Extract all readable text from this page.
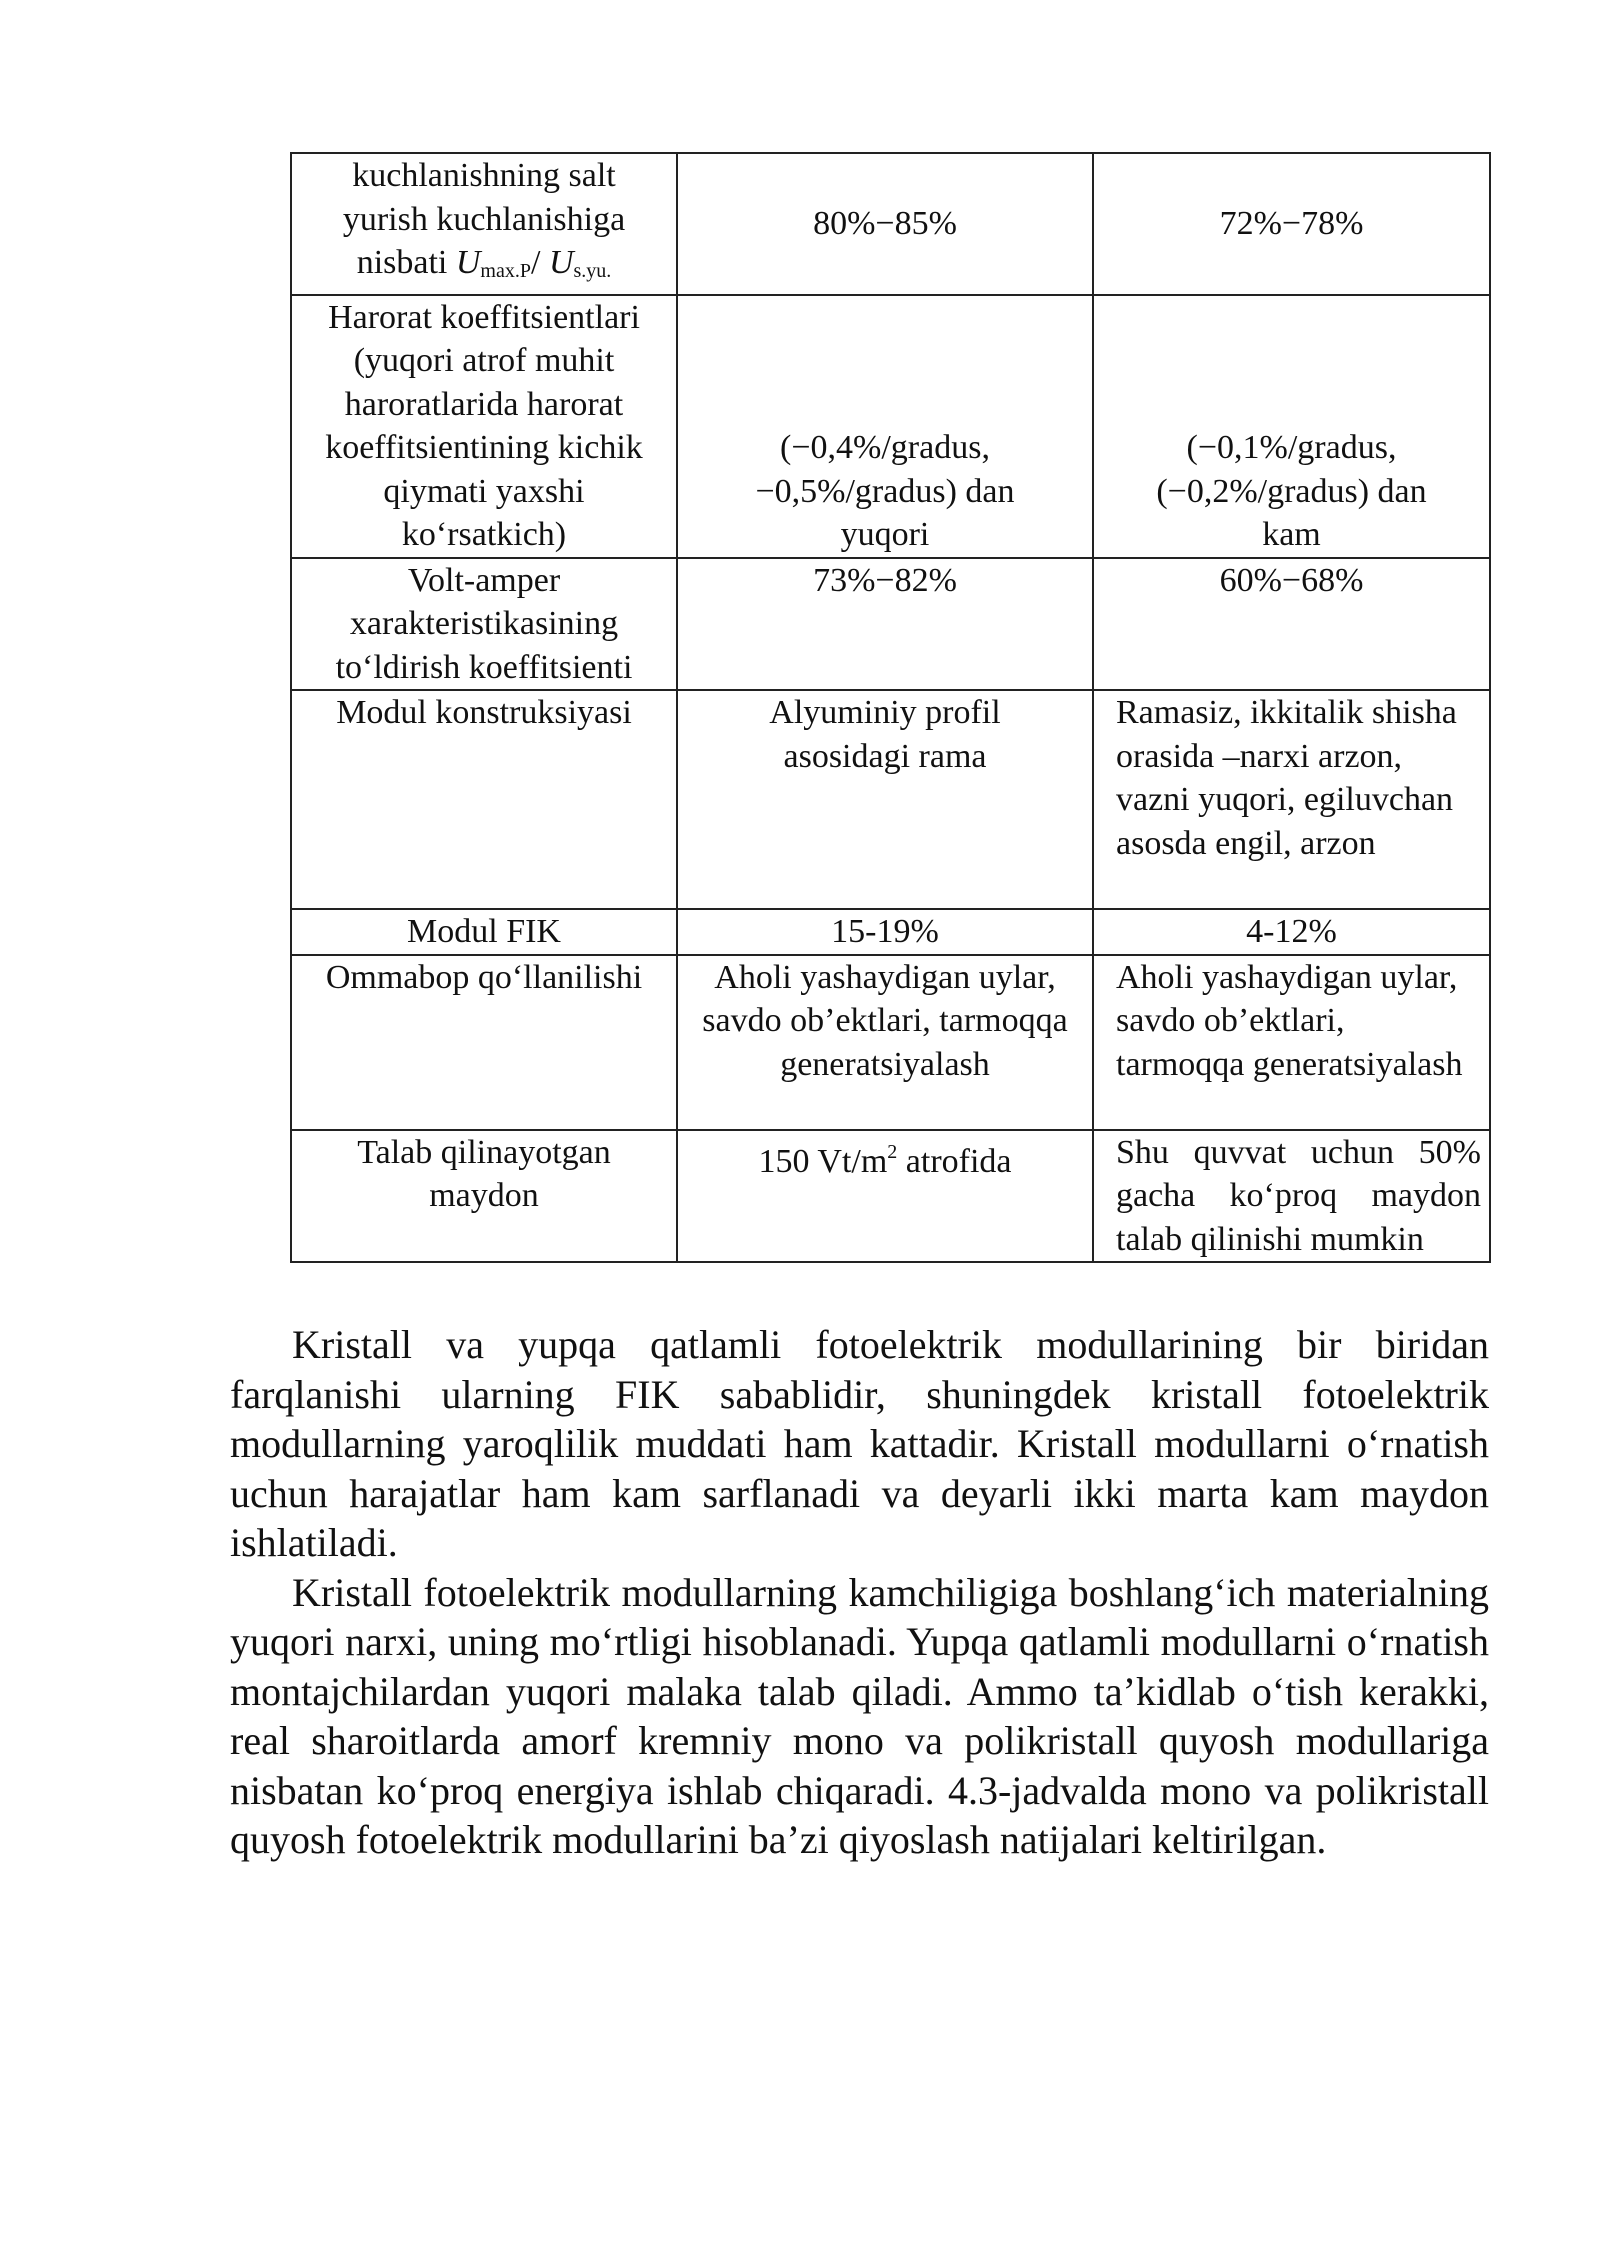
kuchlanishning salt
yurish kuchlanishiga
nisbati $U_{max.P}/$ $U_{s.yu.}$	80%−85%	72%−78%
Harorat koeffitsientlari (yuqori atrof muhit haroratlarida harorat koeffitsientining kichik qiymati yaxshi ko‘rsatkich)	(−0,4%/gradus, −0,5%/gradus) dan yuqori	(−0,1%/gradus, (−0,2%/gradus) dan kam
Volt-amper xarakteristikasining to‘ldirish koeffitsienti	73%−82%	60%−68%
Modul konstruksiyasi	Alyuminiy profil asosidagi rama	Ramasiz, ikkitalik shisha orasida –narxi arzon, vazni yuqori, egiluvchan asosda engil, arzon
Modul FIK	15-19%	4-12%
Ommabop qo‘llanilishi	Aholi yashaydigan uylar, savdo ob’ektlari, tarmoqqa generatsiyalash	Aholi yashaydigan uylar, savdo ob’ektlari, tarmoqqa generatsiyalash
Talab qilinayotgan maydon	150 $Vt/m^2$ atrofida	Shu quvvat uchun 50% gacha ko‘proq maydon talab qilinishi mumkin

Kristall va yupqa qatlamli fotoelektrik modullarining bir biridan farqlanishi ularning FIK sabablidir, shuningdek kristall fotoelektrik modullarning yaroqlilik muddati ham kattadir. Kristall modullarni o‘rnatish uchun harajatlar ham kam sarflanadi va deyarli ikki marta kam maydon ishlatiladi.

Kristall fotoelektrik modullarning kamchiligiga boshlang‘ich materialning yuqori narxi, uning mo‘rtligi hisoblanadi. Yupqa qatlamli modullarni o‘rnatish montajchilardan yuqori malaka talab qiladi. Ammo ta’kidlab o‘tish kerakki, real sharoitlarda amorf kremniy mono va polikristall quyosh modullariga nisbatan ko‘proq energiya ishlab chiqaradi. 4.3-jadvalda mono va polikristall quyosh fotoelektrik modullarini ba’zi qiyoslash natijalari keltirilgan.
